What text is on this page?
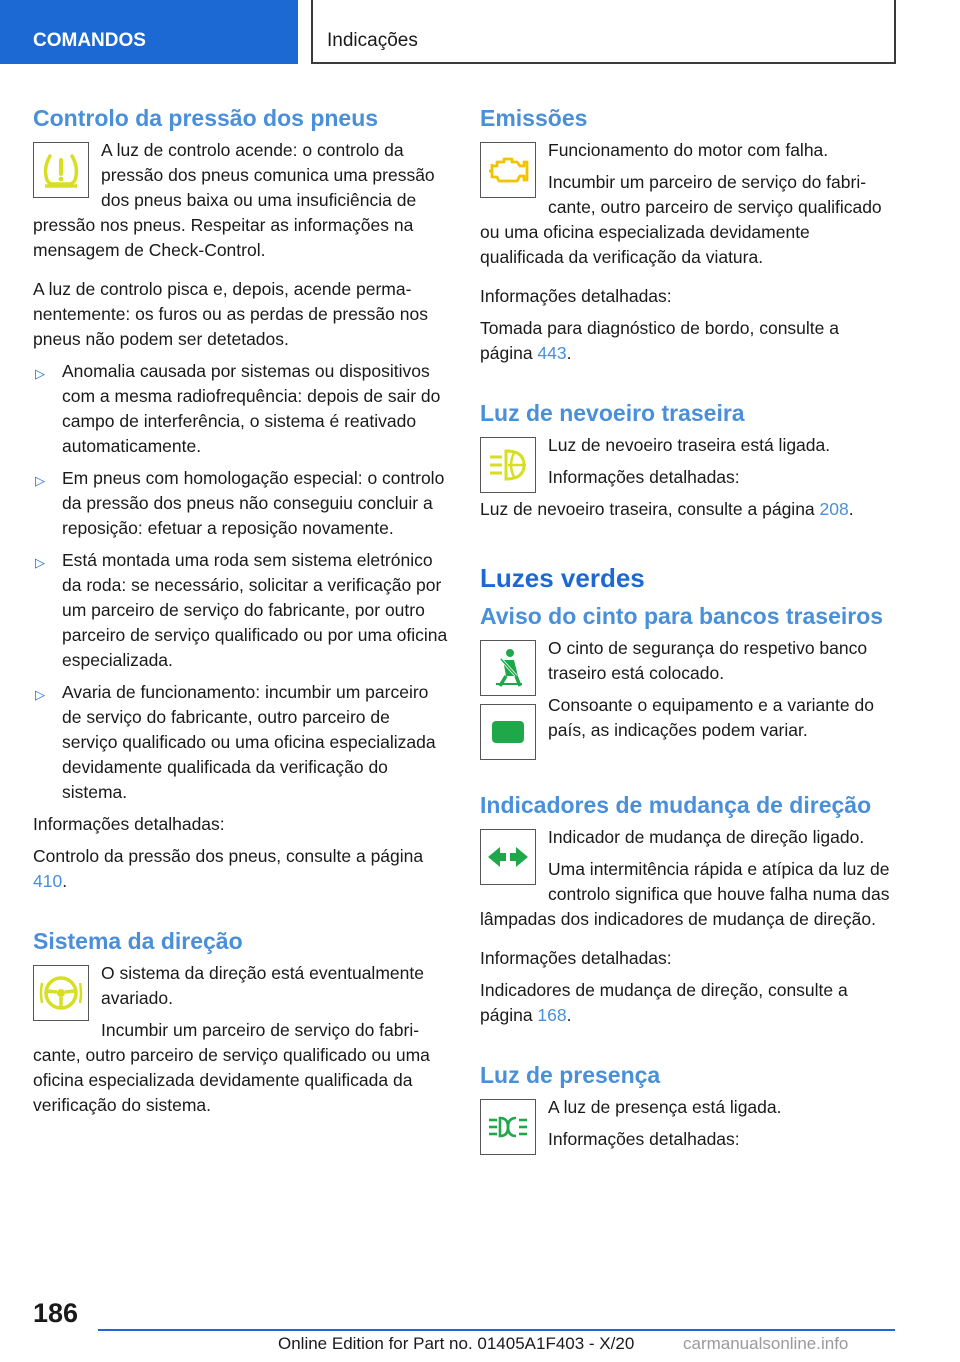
COMANDOS	Indicações
Controlo da pressão dos pneus

A luz de controlo acende: o controlo da pressão dos pneus comunica uma pressão dos pneus baixa ou uma insuficiência de pressão nos pneus. Respeitar as informações na mensagem de Check-Control.

A luz de controlo pisca e, depois, acende permanentemente: os furos ou as perdas de pressão nos pneus não podem ser detetados.

▷ Anomalia causada por sistemas ou dispositivos com a mesma radiofrequência: depois de sair do campo de interferência, o sistema é reativado automaticamente.
▷ Em pneus com homologação especial: o controlo da pressão dos pneus não conseguiu concluir a reposição: efetuar a reposição novamente.
▷ Está montada uma roda sem sistema eletrónico da roda: se necessário, solicitar a verificação por um parceiro de serviço do fabricante, por outro parceiro de serviço qualificado ou por uma oficina especializada.
▷ Avaria de funcionamento: incumbir um parceiro de serviço do fabricante, outro parceiro de serviço qualificado ou uma oficina especializada devidamente qualificada da verificação do sistema.

Informações detalhadas:

Controlo da pressão dos pneus, consulte a página 410.

Sistema da direção

O sistema da direção está eventualmente avariado.

Incumbir um parceiro de serviço do fabricante, outro parceiro de serviço qualificado ou uma oficina especializada devidamente qualificada da verificação do sistema.

Emissões

Funcionamento do motor com falha.

Incumbir um parceiro de serviço do fabricante, outro parceiro de serviço qualificado ou uma oficina especializada devidamente qualificada da verificação da viatura.

Informações detalhadas:

Tomada para diagnóstico de bordo, consulte a página 443.

Luz de nevoeiro traseira

Luz de nevoeiro traseira está ligada.

Informações detalhadas:

Luz de nevoeiro traseira, consulte a página 208.

Luzes verdes
Aviso do cinto para bancos traseiros

O cinto de segurança do respetivo banco traseiro está colocado.

Consoante o equipamento e a variante do país, as indicações podem variar.

Indicadores de mudança de direção

Indicador de mudança de direção ligado.

Uma intermitência rápida e atípica da luz de controlo significa que houve falha numa das lâmpadas dos indicadores de mudança de direção.

Informações detalhadas:

Indicadores de mudança de direção, consulte a página 168.

Luz de presença

A luz de presença está ligada.

Informações detalhadas:

186
Online Edition for Part no. 01405A1F403 - X/20	carmanualsonline.info
